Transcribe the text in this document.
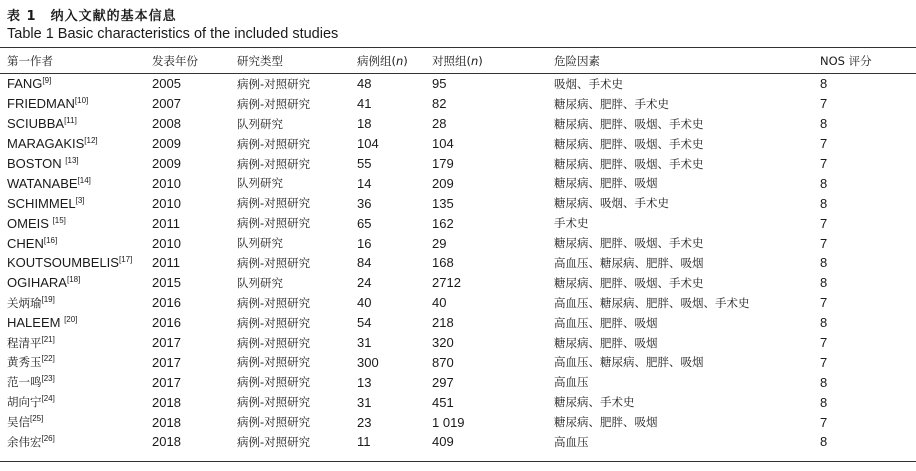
表 1　纳入文献的基本信息
Table 1 Basic characteristics of the included studies
第一作者	发表年份	研究类型	病例组(n)	对照组(n)	危险因素	NOS 评分
FANG[9]	2005	病例-对照研究	48	95	吸烟、手术史	8
FRIEDMAN[10]	2007	病例-对照研究	41	82	糖尿病、肥胖、手术史	7
SCIUBBA[11]	2008	队列研究	18	28	糖尿病、肥胖、吸烟、手术史	8
MARAGAKIS[12]	2009	病例-对照研究	104	104	糖尿病、肥胖、吸烟、手术史	7
BOSTON [13]	2009	病例-对照研究	55	179	糖尿病、肥胖、吸烟、手术史	7
WATANABE[14]	2010	队列研究	14	209	糖尿病、肥胖、吸烟	8
SCHIMMEL[3]	2010	病例-对照研究	36	135	糖尿病、吸烟、手术史	8
OMEIS [15]	2011	病例-对照研究	65	162	手术史	7
CHEN[16]	2010	队列研究	16	29	糖尿病、肥胖、吸烟、手术史	7
KOUTSOUMBELIS[17]	2011	病例-对照研究	84	168	高血压、糖尿病、肥胖、吸烟	8
OGIHARA[18]	2015	队列研究	24	2712	糖尿病、肥胖、吸烟、手术史	8
关炳瑜[19]	2016	病例-对照研究	40	40	高血压、糖尿病、肥胖、吸烟、手术史	7
HALEEM [20]	2016	病例-对照研究	54	218	高血压、肥胖、吸烟	8
程清平[21]	2017	病例-对照研究	31	320	糖尿病、肥胖、吸烟	7
黄秀玉[22]	2017	病例-对照研究	300	870	高血压、糖尿病、肥胖、吸烟	7
范一鸣[23]	2017	病例-对照研究	13	297	高血压	8
胡向宁[24]	2018	病例-对照研究	31	451	糖尿病、手术史	8
吴信[25]	2018	病例-对照研究	23	1 019	糖尿病、肥胖、吸烟	7
余伟宏[26]	2018	病例-对照研究	11	409	高血压	8
